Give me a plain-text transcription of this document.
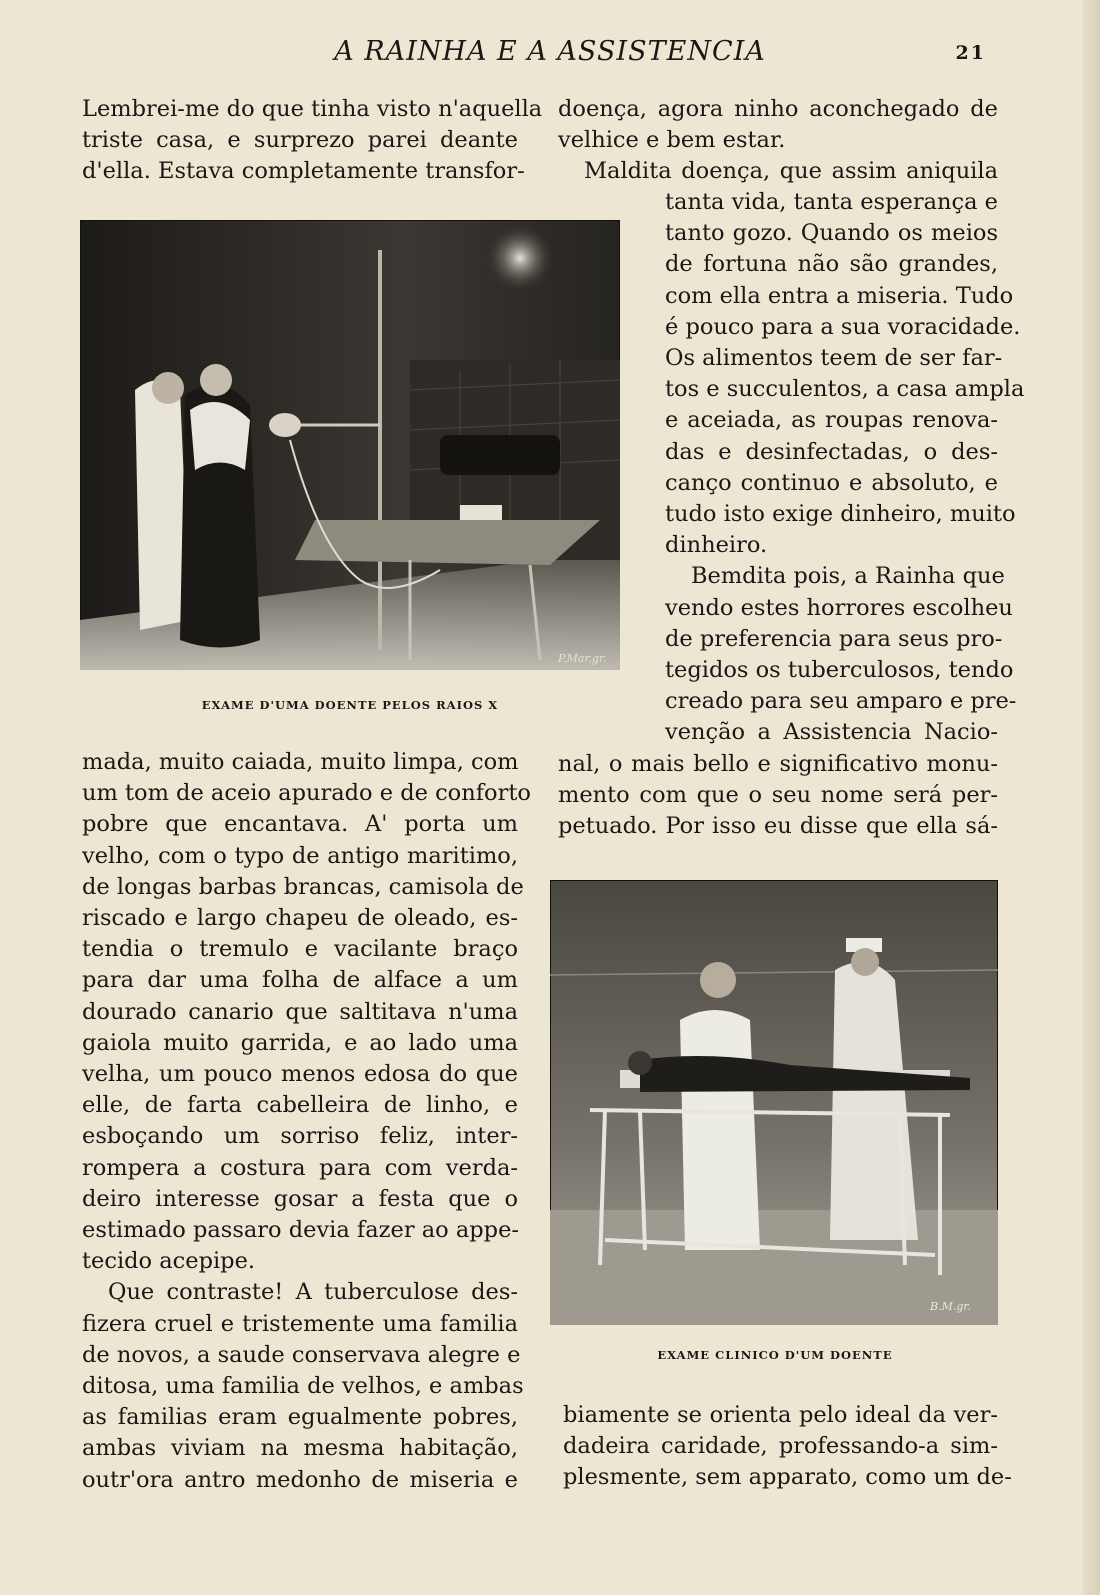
A RAINHA E A ASSISTENCIA	21
Lembrei-me do que tinha visto n'aquella
triste casa, e surprezo parei deante
d'ella. Estava completamente transfor-
P.Mar.gr.
EXAME D'UMA DOENTE PELOS RAIOS X
mada, muito caiada, muito limpa, com
um tom de aceio apurado e de conforto
pobre que encantava. A' porta um
velho, com o typo de antigo maritimo,
de longas barbas brancas, camisola de
riscado e largo chapeu de oleado, es-
tendia o tremulo e vacilante braço
para dar uma folha de alface a um
dourado canario que saltitava n'uma
gaiola muito garrida, e ao lado uma
velha, um pouco menos edosa do que
elle, de farta cabelleira de linho, e
esboçando um sorriso feliz, inter-
rompera a costura para com verda-
deiro interesse gosar a festa que o
estimado passaro devia fazer ao appe-
tecido acepipe.
Que contraste! A tuberculose des-
fizera cruel e tristemente uma familia
de novos, a saude conservava alegre e
ditosa, uma familia de velhos, e ambas
as familias eram egualmente pobres,
ambas viviam na mesma habitação,
outr'ora antro medonho de miseria e
doença, agora ninho aconchegado de
velhice e bem estar.
Maldita doença, que assim aniquila
tanta vida, tanta esperança e
tanto gozo. Quando os meios
de fortuna não são grandes,
com ella entra a miseria. Tudo
é pouco para a sua voracidade.
Os alimentos teem de ser far-
tos e succulentos, a casa ampla
e aceiada, as roupas renova-
das e desinfectadas, o des-
canço continuo e absoluto, e
tudo isto exige dinheiro, muito
dinheiro.
Bemdita pois, a Rainha que
vendo estes horrores escolheu
de preferencia para seus pro-
tegidos os tuberculosos, tendo
creado para seu amparo e pre-
venção a Assistencia Nacio-
nal, o mais bello e significativo monu-
mento com que o seu nome será per-
petuado. Por isso eu disse que ella sá-
B.M.gr.
EXAME CLINICO D'UM DOENTE
biamente se orienta pelo ideal da ver-
dadeira caridade, professando-a sim-
plesmente, sem apparato, como um de-
